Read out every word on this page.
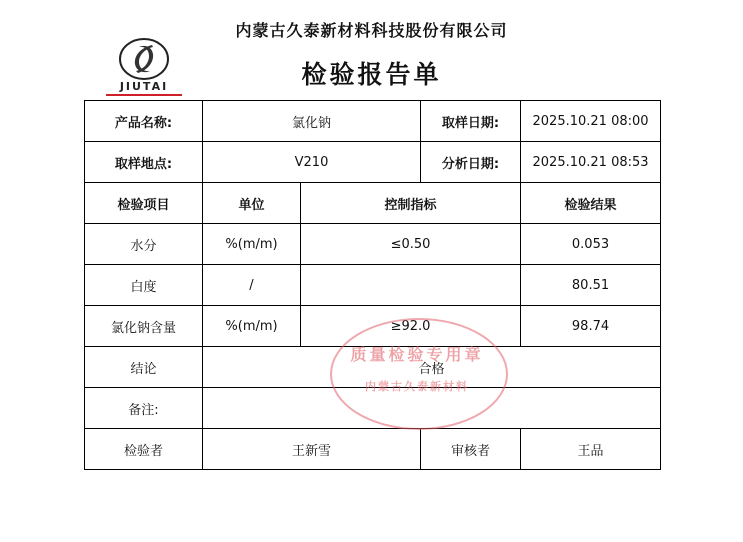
内蒙古久泰新材料科技股份有限公司
JIUTAI	检验报告单
产品名称:	氯化钠		取样日期:	2025.10.21 08:00
取样地点:	V210		分析日期:	2025.10.21 08:53
检验项目	单位	控制指标		检验结果
水分	%(m/m)	≤0.50		0.053
白度	/			80.51
氯化钠含量	%(m/m)	≥92.0		98.74
结论	合格			
备注:				
检验者	王新雪		审核者	王品
质量检验专用章
内蒙古久泰新材料
